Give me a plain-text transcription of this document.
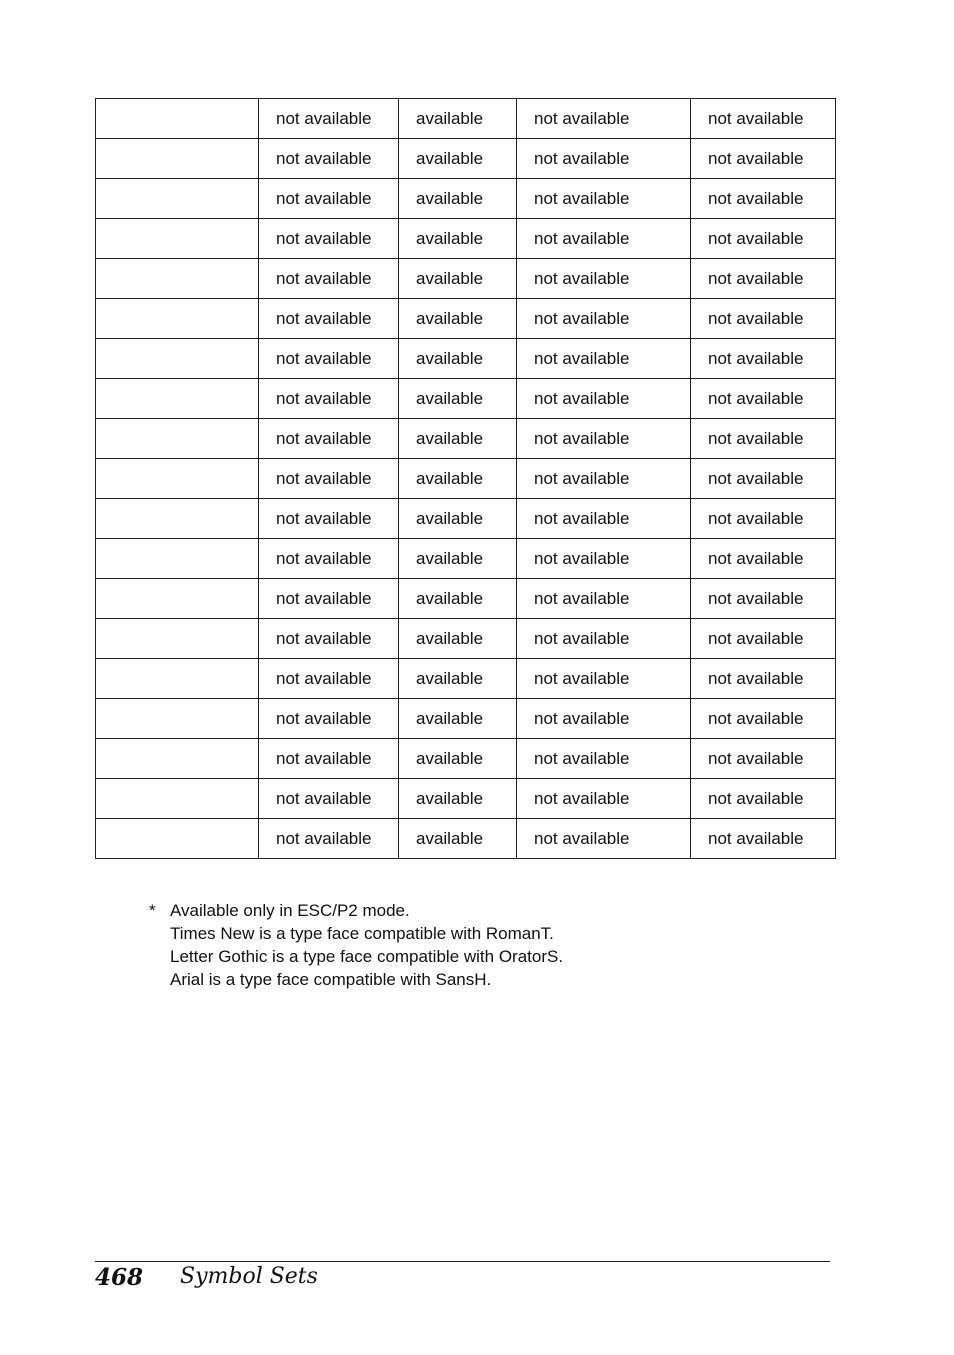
	not available	available	not available	not available
	not available	available	not available	not available
	not available	available	not available	not available
	not available	available	not available	not available
	not available	available	not available	not available
	not available	available	not available	not available
	not available	available	not available	not available
	not available	available	not available	not available
	not available	available	not available	not available
	not available	available	not available	not available
	not available	available	not available	not available
	not available	available	not available	not available
	not available	available	not available	not available
	not available	available	not available	not available
	not available	available	not available	not available
	not available	available	not available	not available
	not available	available	not available	not available
	not available	available	not available	not available
	not available	available	not available	not available
* Available only in ESC/P2 mode.
Times New is a type face compatible with RomanT.
Letter Gothic is a type face compatible with OratorS.
Arial is a type face compatible with SansH.
468 Symbol Sets
